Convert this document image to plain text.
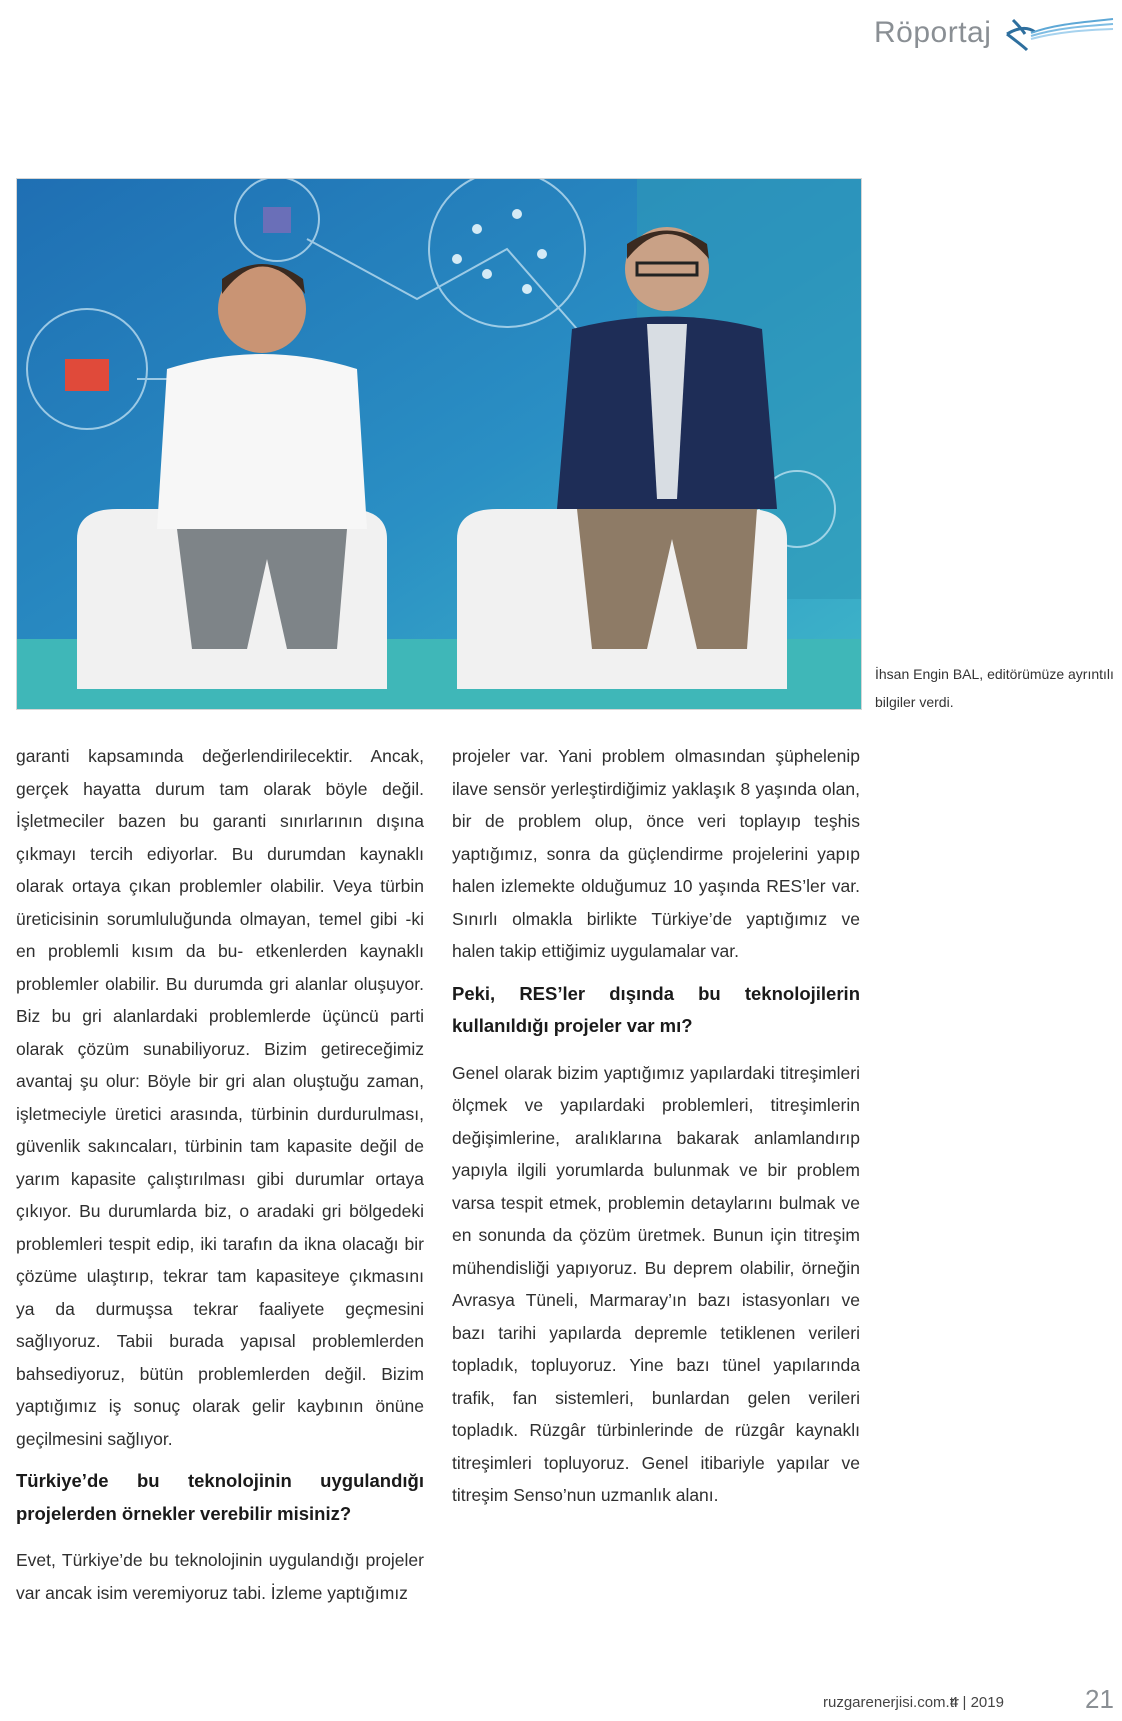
Röportaj
İhsan Engin BAL, editörümüze ayrıntılı bilgiler verdi.

garanti kapsamında değerlendirilecektir. Ancak, gerçek hayatta durum tam olarak böyle değil. İşletmeciler bazen bu garanti sınırlarının dışına çıkmayı tercih ediyorlar. Bu durumdan kaynaklı olarak ortaya çıkan problemler olabilir. Veya türbin üreticisinin sorumluluğunda olmayan, temel gibi -ki en problemli kısım da bu- etkenlerden kaynaklı problemler olabilir. Bu durumda gri alanlar oluşuyor. Biz bu gri alanlardaki problemlerde üçüncü parti olarak çözüm sunabiliyoruz. Bizim getireceğimiz avantaj şu olur: Böyle bir gri alan oluştuğu zaman, işletmeciyle üretici arasında, türbinin durdurulması, güvenlik sakıncaları, türbinin tam kapasite değil de yarım kapasite çalıştırılması gibi durumlar ortaya çıkıyor. Bu durumlarda biz, o aradaki gri bölgedeki problemleri tespit edip, iki tarafın da ikna olacağı bir çözüme ulaştırıp, tekrar tam kapasiteye çıkmasını ya da durmuşsa tekrar faaliyete geçmesini sağlıyoruz. Tabii burada yapısal problemlerden bahsediyoruz, bütün problemlerden değil. Bizim yaptığımız iş sonuç olarak gelir kaybının önüne geçilmesini sağlıyor.

Türkiye’de bu teknolojinin uygulandığı projelerden örnekler verebilir misiniz?

Evet, Türkiye’de bu teknolojinin uygulandığı projeler var ancak isim veremiyoruz tabi. İzleme yaptığımız

projeler var. Yani problem olmasından şüphelenip ilave sensör yerleştirdiğimiz yaklaşık 8 yaşında olan, bir de problem olup, önce veri toplayıp teşhis yaptığımız, sonra da güçlendirme projelerini yapıp halen izlemekte olduğumuz 10 yaşında RES’ler var. Sınırlı olmakla birlikte Türkiye’de yaptığımız ve halen takip ettiğimiz uygulamalar var.

Peki, RES’ler dışında bu teknolojilerin kullanıldığı projeler var mı?

Genel olarak bizim yaptığımız yapılardaki titreşimleri ölçmek ve yapılardaki problemleri, titreşimlerin değişimlerine, aralıklarına bakarak anlamlandırıp yapıyla ilgili yorumlarda bulunmak ve bir problem varsa tespit etmek, problemin detaylarını bulmak ve en sonunda da çözüm üretmek. Bunun için titreşim mühendisliği yapıyoruz. Bu deprem olabilir, örneğin Avrasya Tüneli, Marmaray’ın bazı istasyonları ve bazı tarihi yapılarda depremle tetiklenen verileri topladık, topluyoruz. Yine bazı tünel yapılarında trafik, fan sistemleri, bunlardan gelen verileri topladık. Rüzgâr türbinlerinde de rüzgâr kaynaklı titreşimleri topluyoruz. Genel itibariyle yapılar ve titreşim Senso’nun uzmanlık alanı.

ruzgarenerjisi.com.tr
4 | 2019	21
